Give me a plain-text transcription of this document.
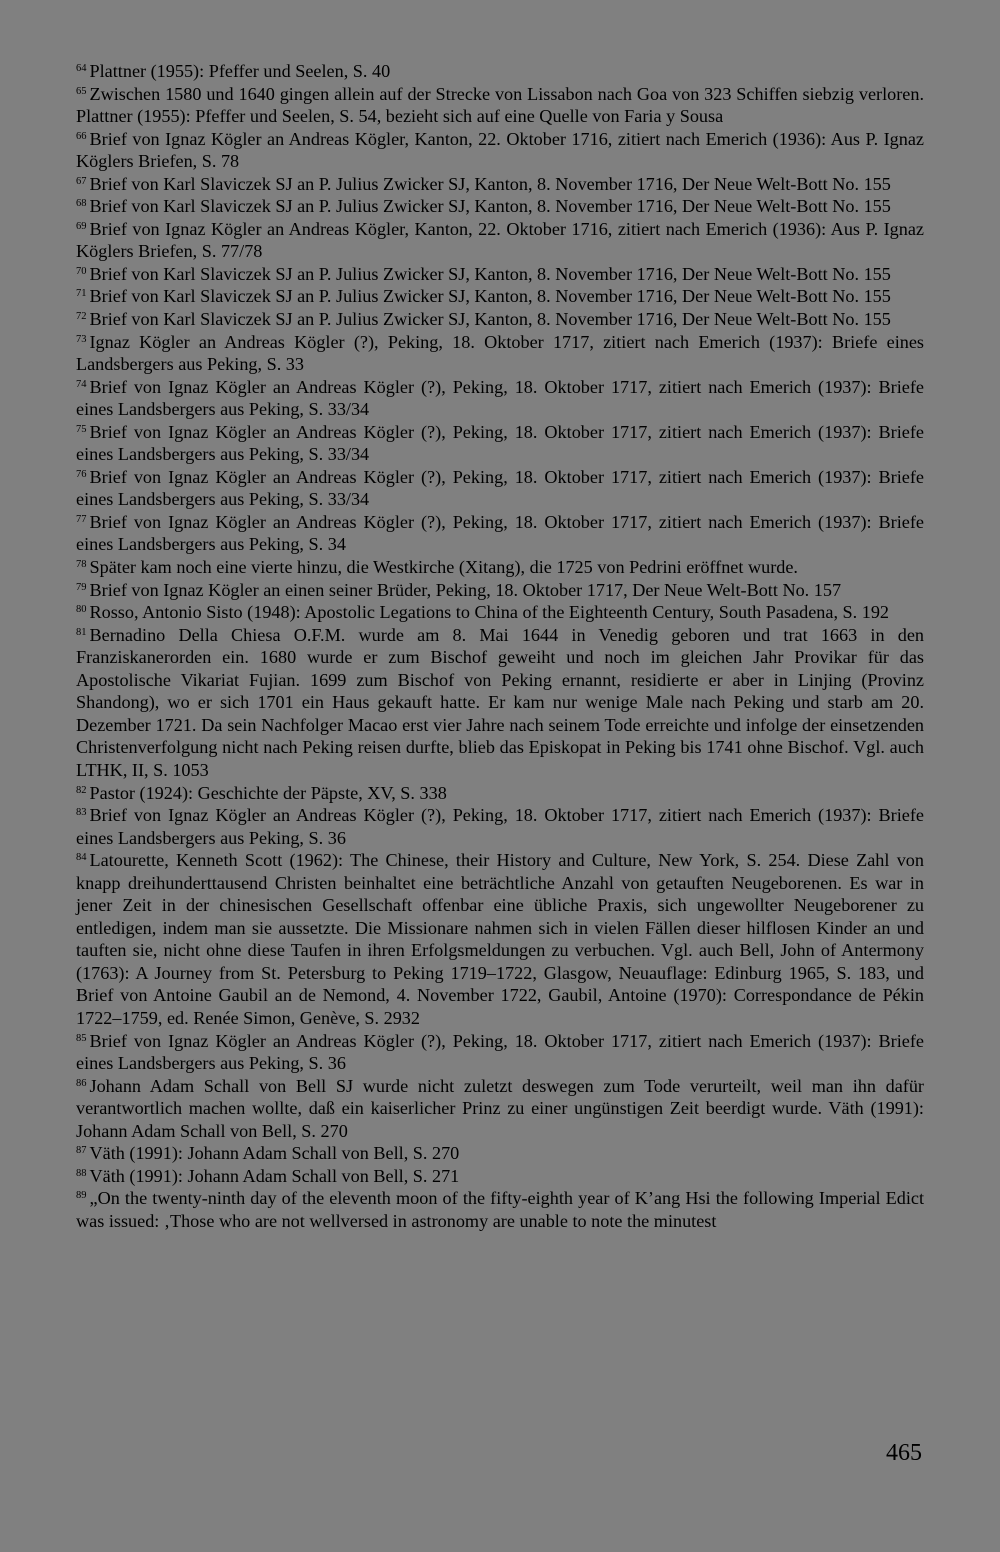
$^{64}$ Plattner (1955): Pfeffer und Seelen, S. 40

$^{65}$ Zwischen 1580 und 1640 gingen allein auf der Strecke von Lissabon nach Goa von 323 Schiffen siebzig verloren. Plattner (1955): Pfeffer und Seelen, S. 54, bezieht sich auf eine Quelle von Faria y Sousa

$^{66}$ Brief von Ignaz Kögler an Andreas Kögler, Kanton, 22. Oktober 1716, zitiert nach Emerich (1936): Aus P. Ignaz Köglers Briefen, S. 78

$^{67}$ Brief von Karl Slaviczek SJ an P. Julius Zwicker SJ, Kanton, 8. November 1716, Der Neue Welt-Bott No. 155

$^{68}$ Brief von Karl Slaviczek SJ an P. Julius Zwicker SJ, Kanton, 8. November 1716, Der Neue Welt-Bott No. 155

$^{69}$ Brief von Ignaz Kögler an Andreas Kögler, Kanton, 22. Oktober 1716, zitiert nach Emerich (1936): Aus P. Ignaz Köglers Briefen, S. 77/78

$^{70}$ Brief von Karl Slaviczek SJ an P. Julius Zwicker SJ, Kanton, 8. November 1716, Der Neue Welt-Bott No. 155

$^{71}$ Brief von Karl Slaviczek SJ an P. Julius Zwicker SJ, Kanton, 8. November 1716, Der Neue Welt-Bott No. 155

$^{72}$ Brief von Karl Slaviczek SJ an P. Julius Zwicker SJ, Kanton, 8. November 1716, Der Neue Welt-Bott No. 155

$^{73}$ Ignaz Kögler an Andreas Kögler (?), Peking, 18. Oktober 1717, zitiert nach Emerich (1937): Briefe eines Landsbergers aus Peking, S. 33

$^{74}$ Brief von Ignaz Kögler an Andreas Kögler (?), Peking, 18. Oktober 1717, zitiert nach Emerich (1937): Briefe eines Landsbergers aus Peking, S. 33/34

$^{75}$ Brief von Ignaz Kögler an Andreas Kögler (?), Peking, 18. Oktober 1717, zitiert nach Emerich (1937): Briefe eines Landsbergers aus Peking, S. 33/34

$^{76}$ Brief von Ignaz Kögler an Andreas Kögler (?), Peking, 18. Oktober 1717, zitiert nach Emerich (1937): Briefe eines Landsbergers aus Peking, S. 33/34

$^{77}$ Brief von Ignaz Kögler an Andreas Kögler (?), Peking, 18. Oktober 1717, zitiert nach Emerich (1937): Briefe eines Landsbergers aus Peking, S. 34

$^{78}$ Später kam noch eine vierte hinzu, die Westkirche (Xitang), die 1725 von Pedrini eröffnet wurde.

$^{79}$ Brief von Ignaz Kögler an einen seiner Brüder, Peking, 18. Oktober 1717, Der Neue Welt-Bott No. 157

$^{80}$ Rosso, Antonio Sisto (1948): Apostolic Legations to China of the Eighteenth Century, South Pasadena, S. 192

$^{81}$ Bernadino Della Chiesa O.F.M. wurde am 8. Mai 1644 in Venedig geboren und trat 1663 in den Franziskanerorden ein. 1680 wurde er zum Bischof geweiht und noch im gleichen Jahr Provikar für das Apostolische Vikariat Fujian. 1699 zum Bischof von Peking ernannt, residierte er aber in Linjing (Provinz Shandong), wo er sich 1701 ein Haus gekauft hatte. Er kam nur wenige Male nach Peking und starb am 20. Dezember 1721. Da sein Nachfolger Macao erst vier Jahre nach seinem Tode erreichte und infolge der einsetzenden Christenverfolgung nicht nach Peking reisen durfte, blieb das Episkopat in Peking bis 1741 ohne Bischof. Vgl. auch LTHK, II, S. 1053

$^{82}$ Pastor (1924): Geschichte der Päpste, XV, S. 338

$^{83}$ Brief von Ignaz Kögler an Andreas Kögler (?), Peking, 18. Oktober 1717, zitiert nach Emerich (1937): Briefe eines Landsbergers aus Peking, S. 36

$^{84}$ Latourette, Kenneth Scott (1962): The Chinese, their History and Culture, New York, S. 254. Diese Zahl von knapp dreihunderttausend Christen beinhaltet eine beträchtliche Anzahl von getauften Neugeborenen. Es war in jener Zeit in der chinesischen Gesellschaft offenbar eine übliche Praxis, sich ungewollter Neugeborener zu entledigen, indem man sie aussetzte. Die Missionare nahmen sich in vielen Fällen dieser hilflosen Kinder an und tauften sie, nicht ohne diese Taufen in ihren Erfolgsmeldungen zu verbuchen. Vgl. auch Bell, John of Antermony (1763): A Journey from St. Petersburg to Peking 1719–1722, Glasgow, Neuauflage: Edinburg 1965, S. 183, und Brief von Antoine Gaubil an de Nemond, 4. November 1722, Gaubil, Antoine (1970): Correspondance de Pékin 1722–1759, ed. Renée Simon, Genève, S. 2932

$^{85}$ Brief von Ignaz Kögler an Andreas Kögler (?), Peking, 18. Oktober 1717, zitiert nach Emerich (1937): Briefe eines Landsbergers aus Peking, S. 36

$^{86}$ Johann Adam Schall von Bell SJ wurde nicht zuletzt deswegen zum Tode verurteilt, weil man ihn dafür verantwortlich machen wollte, daß ein kaiserlicher Prinz zu einer ungünstigen Zeit beerdigt wurde. Väth (1991): Johann Adam Schall von Bell, S. 270

$^{87}$ Väth (1991): Johann Adam Schall von Bell, S. 270

$^{88}$ Väth (1991): Johann Adam Schall von Bell, S. 271

$^{89}$ „On the twenty-ninth day of the eleventh moon of the fifty-eighth year of K’ang Hsi the following Imperial Edict was issued: ‚Those who are not wellversed in astronomy are unable to note the minutest

465
